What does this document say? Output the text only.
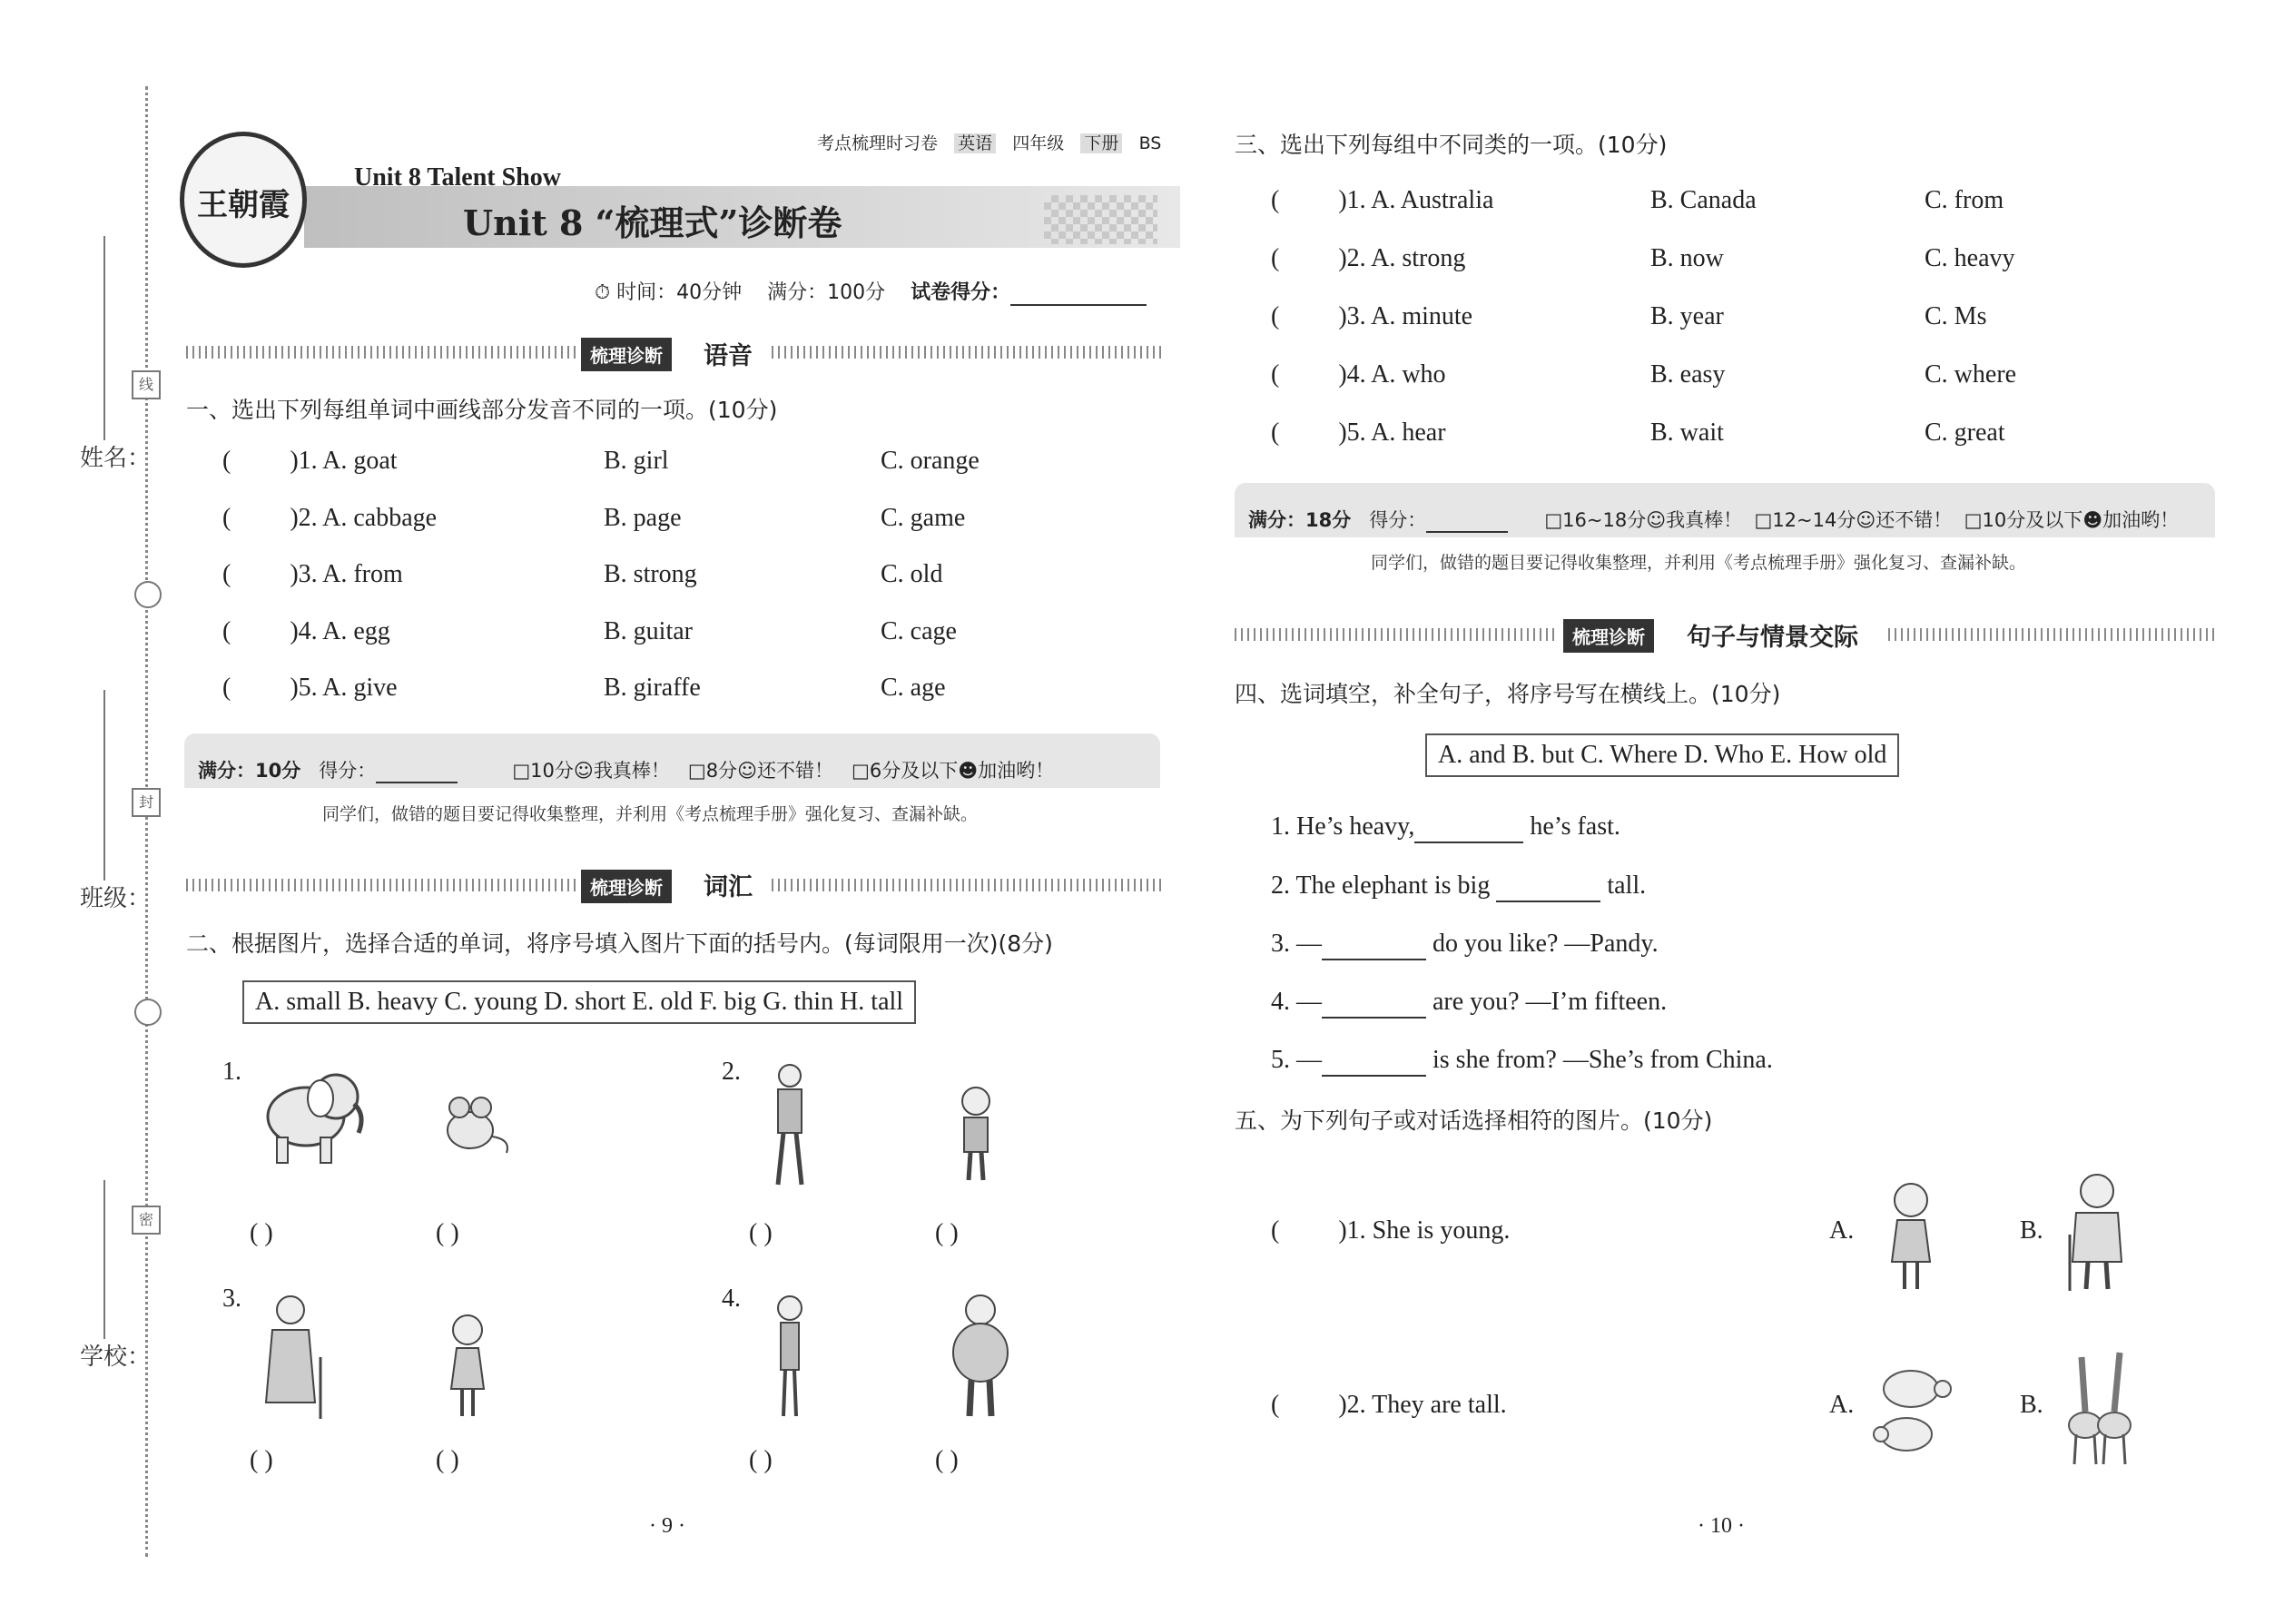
姓名：
班级：
学校：
线
封
密
考点梳理时习卷 英语 四年级 下册 BS
王朝霞
Unit 8 Talent Show
Unit 8 “梳理式”诊断卷
⏱ 时间：40分钟 满分：100分 试卷得分：
梳理诊断	语音
一、选出下列每组单词中画线部分发音不同的一项。(10分)
( )1. A. goat	B. girl	C. orange
( )2. A. cabbage	B. page	C. game
( )3. A. from	B. strong	C. old
( )4. A. egg	B. guitar	C. cage
( )5. A. give	B. giraffe	C. age
满分：10分 得分：	□10分☺我真棒！ □8分☺还不错！ □6分及以下☻加油哟！
同学们，做错的题目要记得收集整理，并利用《考点梳理手册》强化复习、查漏补缺。
梳理诊断	词汇
二、根据图片，选择合适的单词，将序号填入图片下面的括号内。(每词限用一次)(8分)
A. small B. heavy C. young D. short E. old F. big G. thin H. tall
1.
( )	( )
2.
( )	( )
3.
( )	( )
4.
( )	( )
· 9 ·
三、选出下列每组中不同类的一项。(10分)
( )1. A. Australia	B. Canada	C. from
( )2. A. strong	B. now	C. heavy
( )3. A. minute	B. year	C. Ms
( )4. A. who	B. easy	C. where
( )5. A. hear	B. wait	C. great
满分：18分 得分：	□16~18分☺我真棒！ □12~14分☺还不错！ □10分及以下☻加油哟！
同学们，做错的题目要记得收集整理，并利用《考点梳理手册》强化复习、查漏补缺。
梳理诊断	句子与情景交际
四、选词填空，补全句子，将序号写在横线上。(10分)
A. and B. but C. Where D. Who E. How old
1. He’s heavy,	he’s fast.
2. The elephant is big	tall.
3. —	do you like? —Pandy.
4. —	are you? —I’m fifteen.
5. —	is she from? —She’s from China.
五、为下列句子或对话选择相符的图片。(10分)
( )1. She is young.	A.	B.
( )2. They are tall.	A.	B.
· 10 ·
